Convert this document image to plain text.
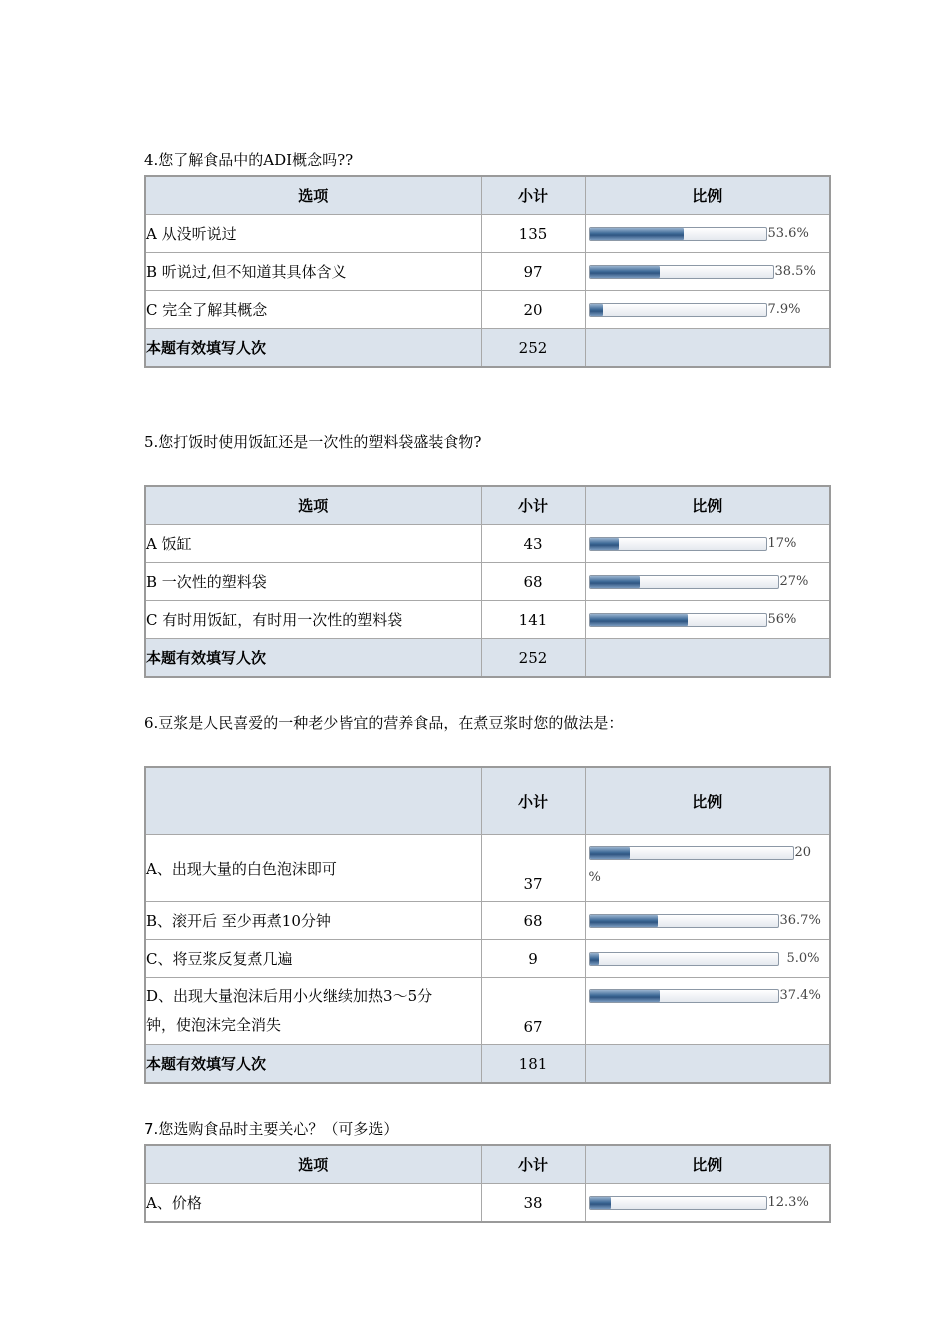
4.您了解食品中的ADI概念吗??
选项	小计	比例
A 从没听说过	135	53.6%

B 听说过,但不知道其具体含义	97	38.5%

C 完全了解其概念	20	7.9%

本题有效填写人次	252	
5.您打饭时使用饭缸还是一次性的塑料袋盛装食物?
选项	小计	比例
A 饭缸	43	17%

B 一次性的塑料袋	68	27%

C 有时用饭缸，有时用一次性的塑料袋	141	56%

本题有效填写人次	252	
6.豆浆是人民喜爱的一种老少皆宜的营养食品，在煮豆浆时您的做法是：
	小计	比例
A、出现大量的白色泡沫即可	37	20
%

B、滚开后 至少再煮10分钟	68	36.7%

C、将豆浆反复煮几遍	9	5.0%

D、出现大量泡沫后用小火继续加热3～5分
钟，使泡沫完全消失	67	37.4%

本题有效填写人次	181	
7.您选购食品时主要关心？（可多选）
选项	小计	比例
A、价格	38	12.3%
